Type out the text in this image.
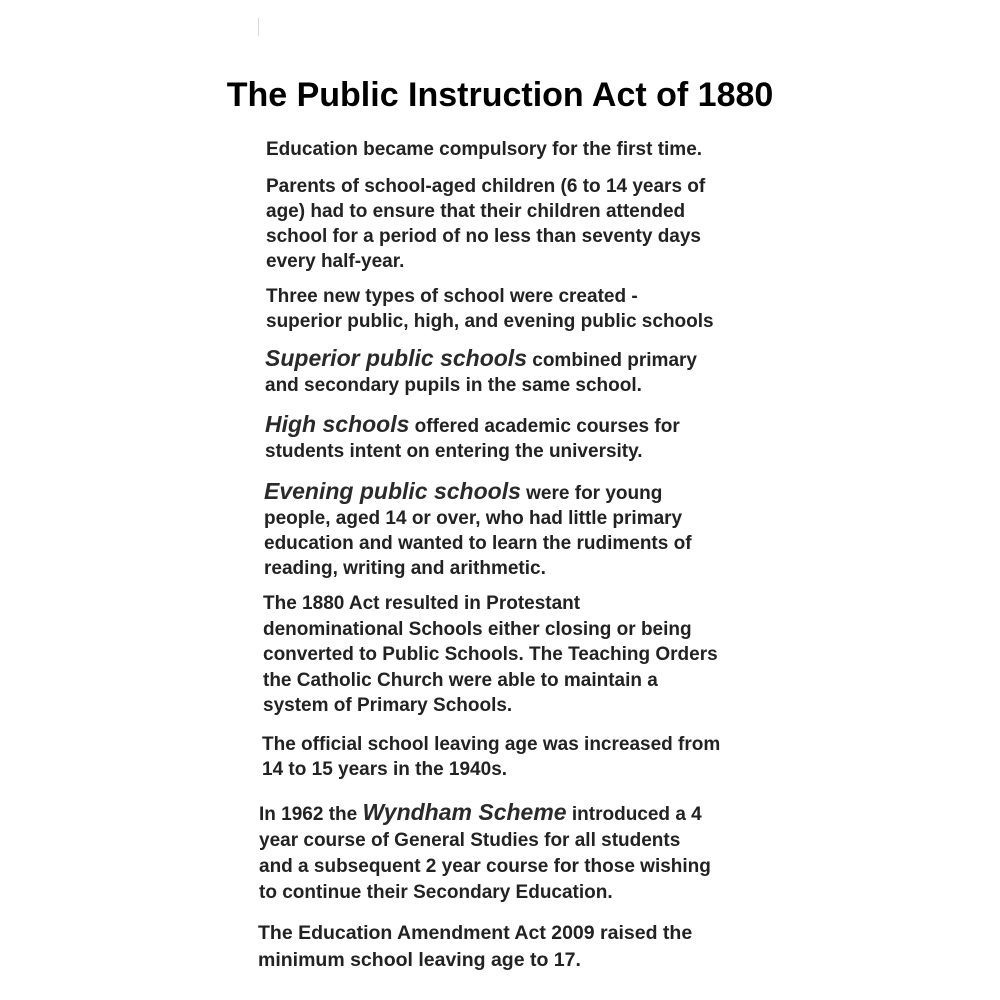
The Public Instruction Act of 1880
Education became compulsory for the first time.
Parents of school-aged children (6 to 14 years of
age) had to ensure that their children attended
school for a period of no less than seventy days
every half-year.
Three new types of school were created -
superior public, high, and evening public schools
Superior public schools combined primary
and secondary pupils in the same school.
High schools offered academic courses for
students intent on entering the university.
Evening public schools were for young
people, aged 14 or over, who had little primary
education and wanted to learn the rudiments of
reading, writing and arithmetic.
The 1880 Act resulted in Protestant
denominational Schools either closing or being
converted to Public Schools. The Teaching Orders
the Catholic Church were able to maintain a
system of Primary Schools.
The official school leaving age was increased from
14 to 15 years in the 1940s.
In 1962 the Wyndham Scheme introduced a 4
year course of General Studies for all students
and a subsequent 2 year course for those wishing
to continue their Secondary Education.
The Education Amendment Act 2009 raised the
minimum school leaving age to 17.
